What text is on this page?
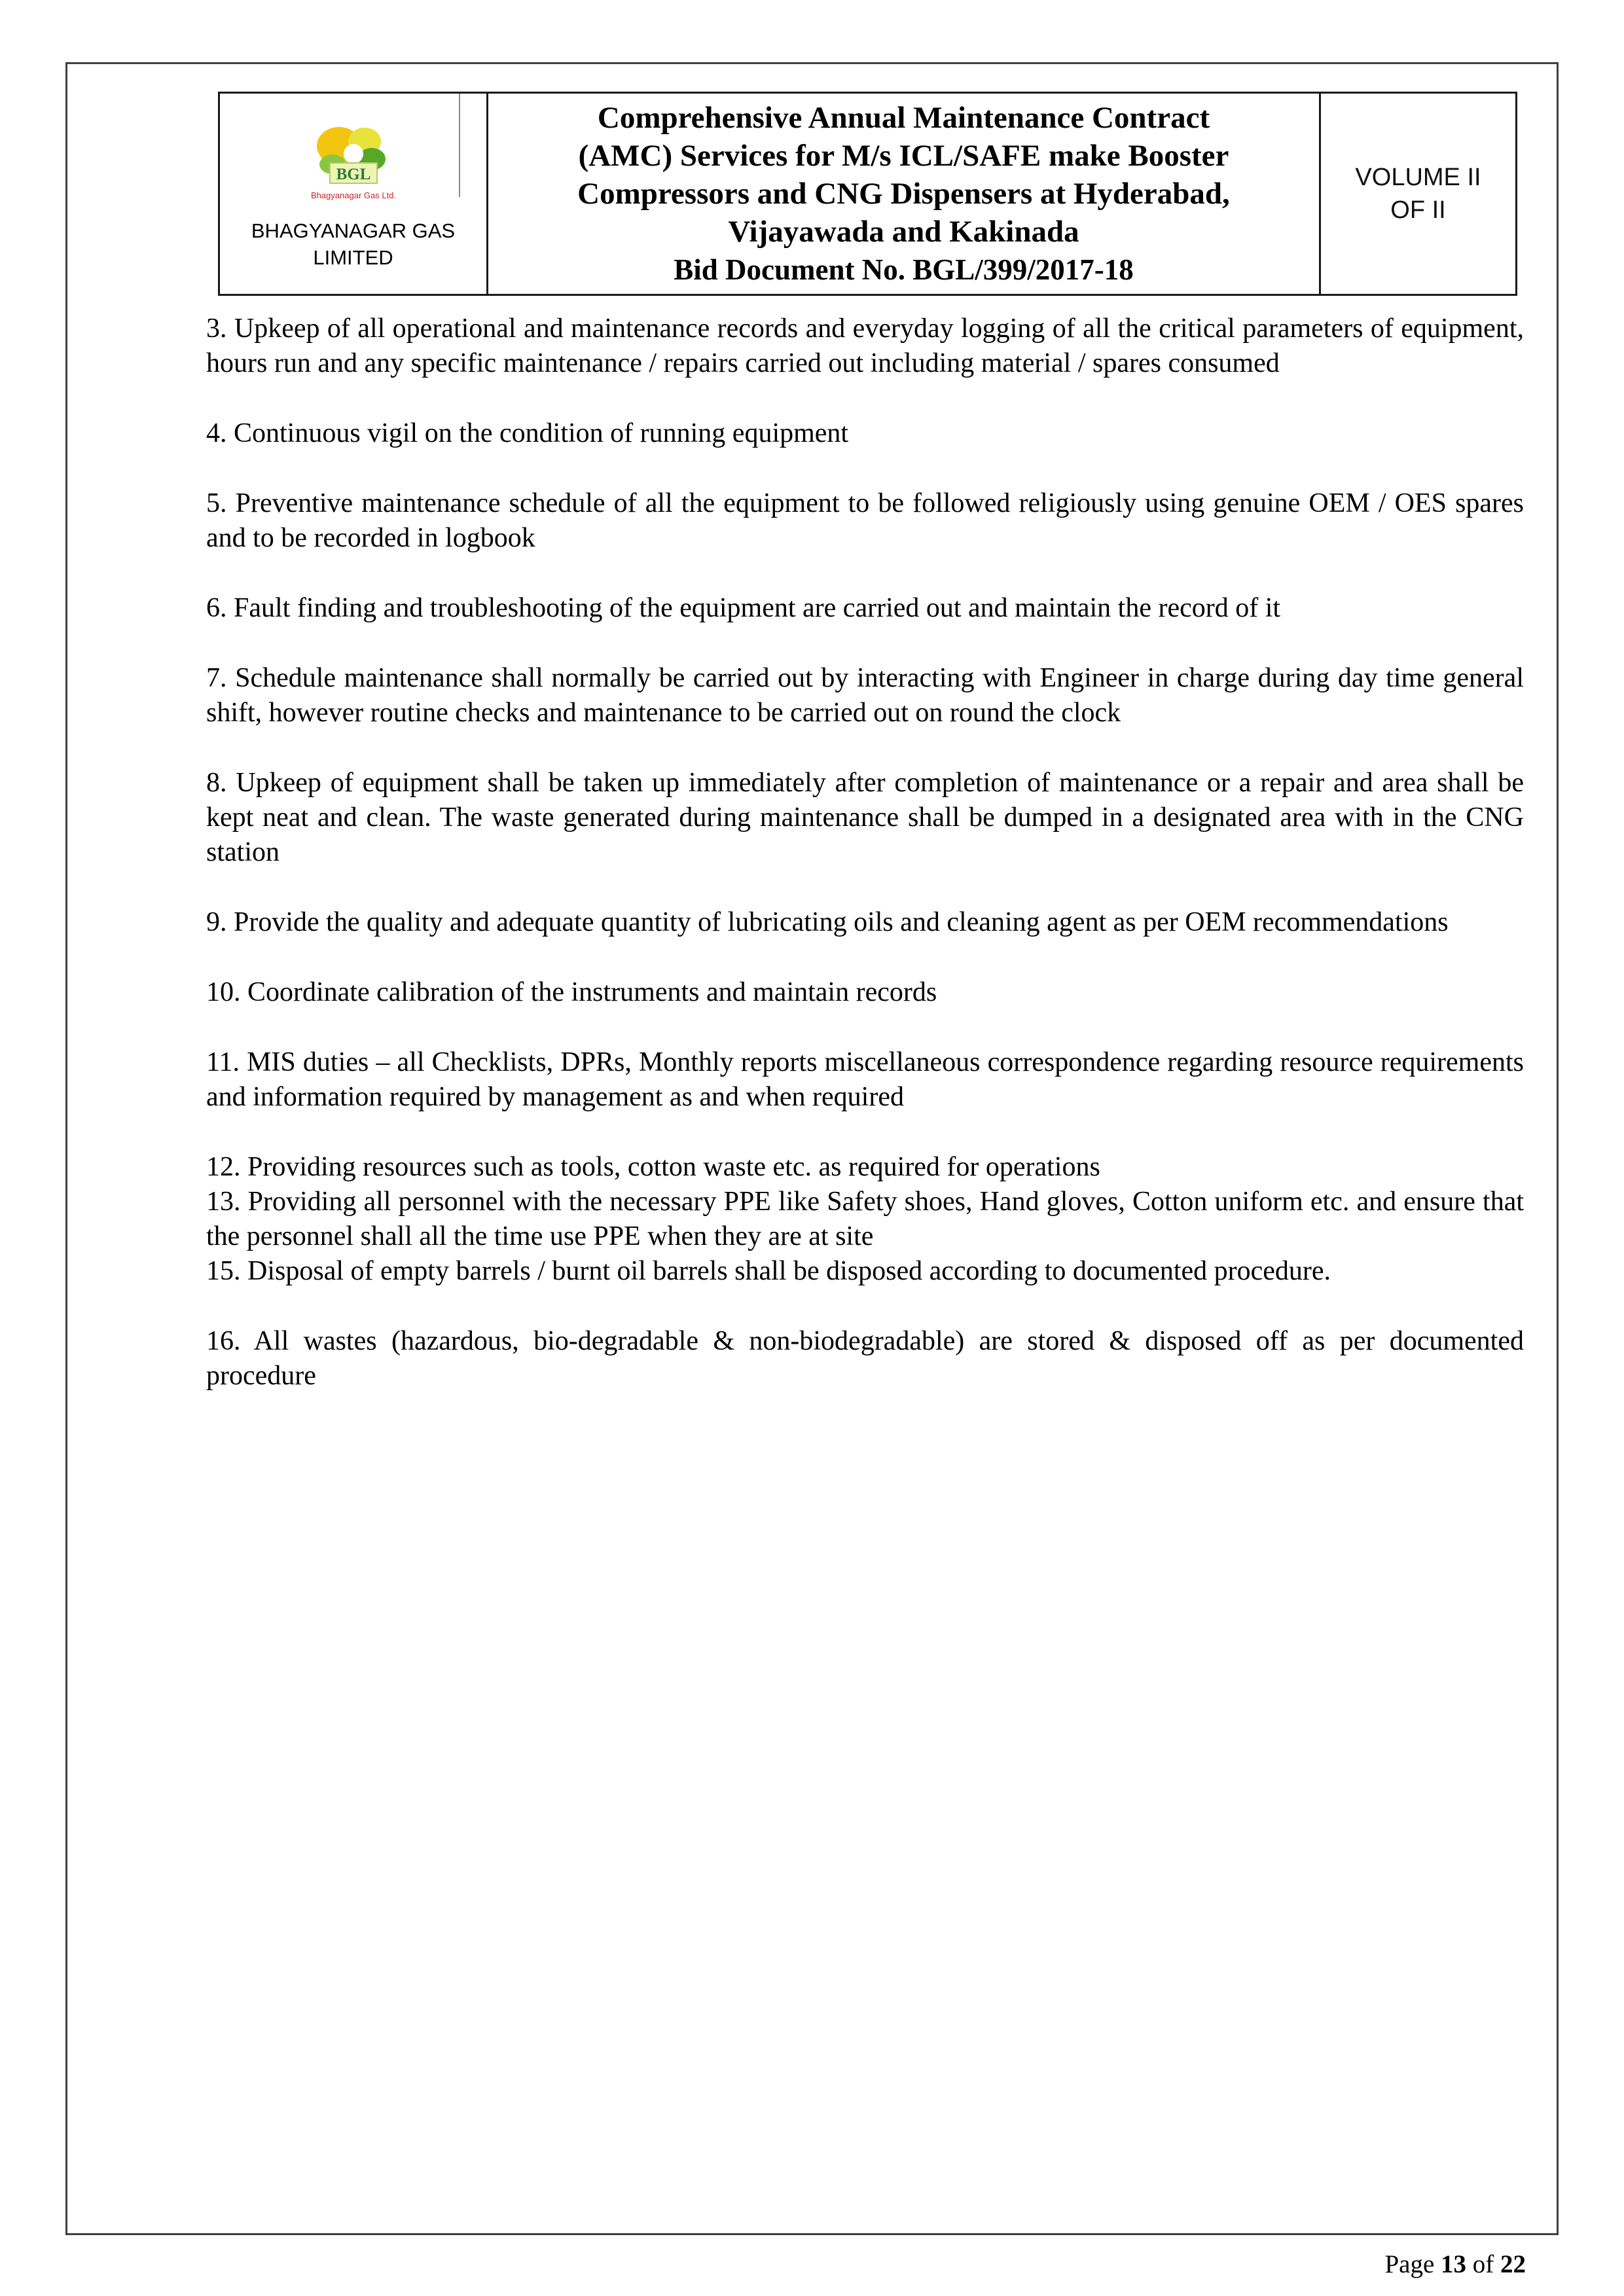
BGL
Bhagyanagar Gas Ltd.
BHAGYANAGAR GAS
LIMITED

Comprehensive Annual Maintenance Contract
(AMC) Services for M/s ICL/SAFE make Booster
Compressors and CNG Dispensers at Hyderabad,
Vijayawada and Kakinada
Bid Document No. BGL/399/2017-18

VOLUME II
OF II

3. Upkeep of all operational and maintenance records and everyday logging of all the critical parameters of equipment, hours run and any specific maintenance / repairs carried out including material / spares consumed

4. Continuous vigil on the condition of running equipment

5. Preventive maintenance schedule of all the equipment to be followed religiously using genuine OEM / OES spares and to be recorded in logbook

6. Fault finding and troubleshooting of the equipment are carried out and maintain the record of it

7. Schedule maintenance shall normally be carried out by interacting with Engineer in charge during day time general shift, however routine checks and maintenance to be carried out on round the clock

8. Upkeep of equipment shall be taken up immediately after completion of maintenance or a repair and area shall be kept neat and clean. The waste generated during maintenance shall be dumped in a designated area with in the CNG station

9. Provide the quality and adequate quantity of lubricating oils and cleaning agent as per OEM recommendations

10. Coordinate calibration of the instruments and maintain records

11. MIS duties – all Checklists, DPRs, Monthly reports miscellaneous correspondence regarding resource requirements and information required by management as and when required

12. Providing resources such as tools, cotton waste etc. as required for operations

13. Providing all personnel with the necessary PPE like Safety shoes, Hand gloves, Cotton uniform etc. and ensure that the personnel shall all the time use PPE when they are at site

15. Disposal of empty barrels / burnt oil barrels shall be disposed according to documented procedure.

16. All wastes (hazardous, bio-degradable & non-biodegradable) are stored & disposed off as per documented procedure

Page 13 of 22
